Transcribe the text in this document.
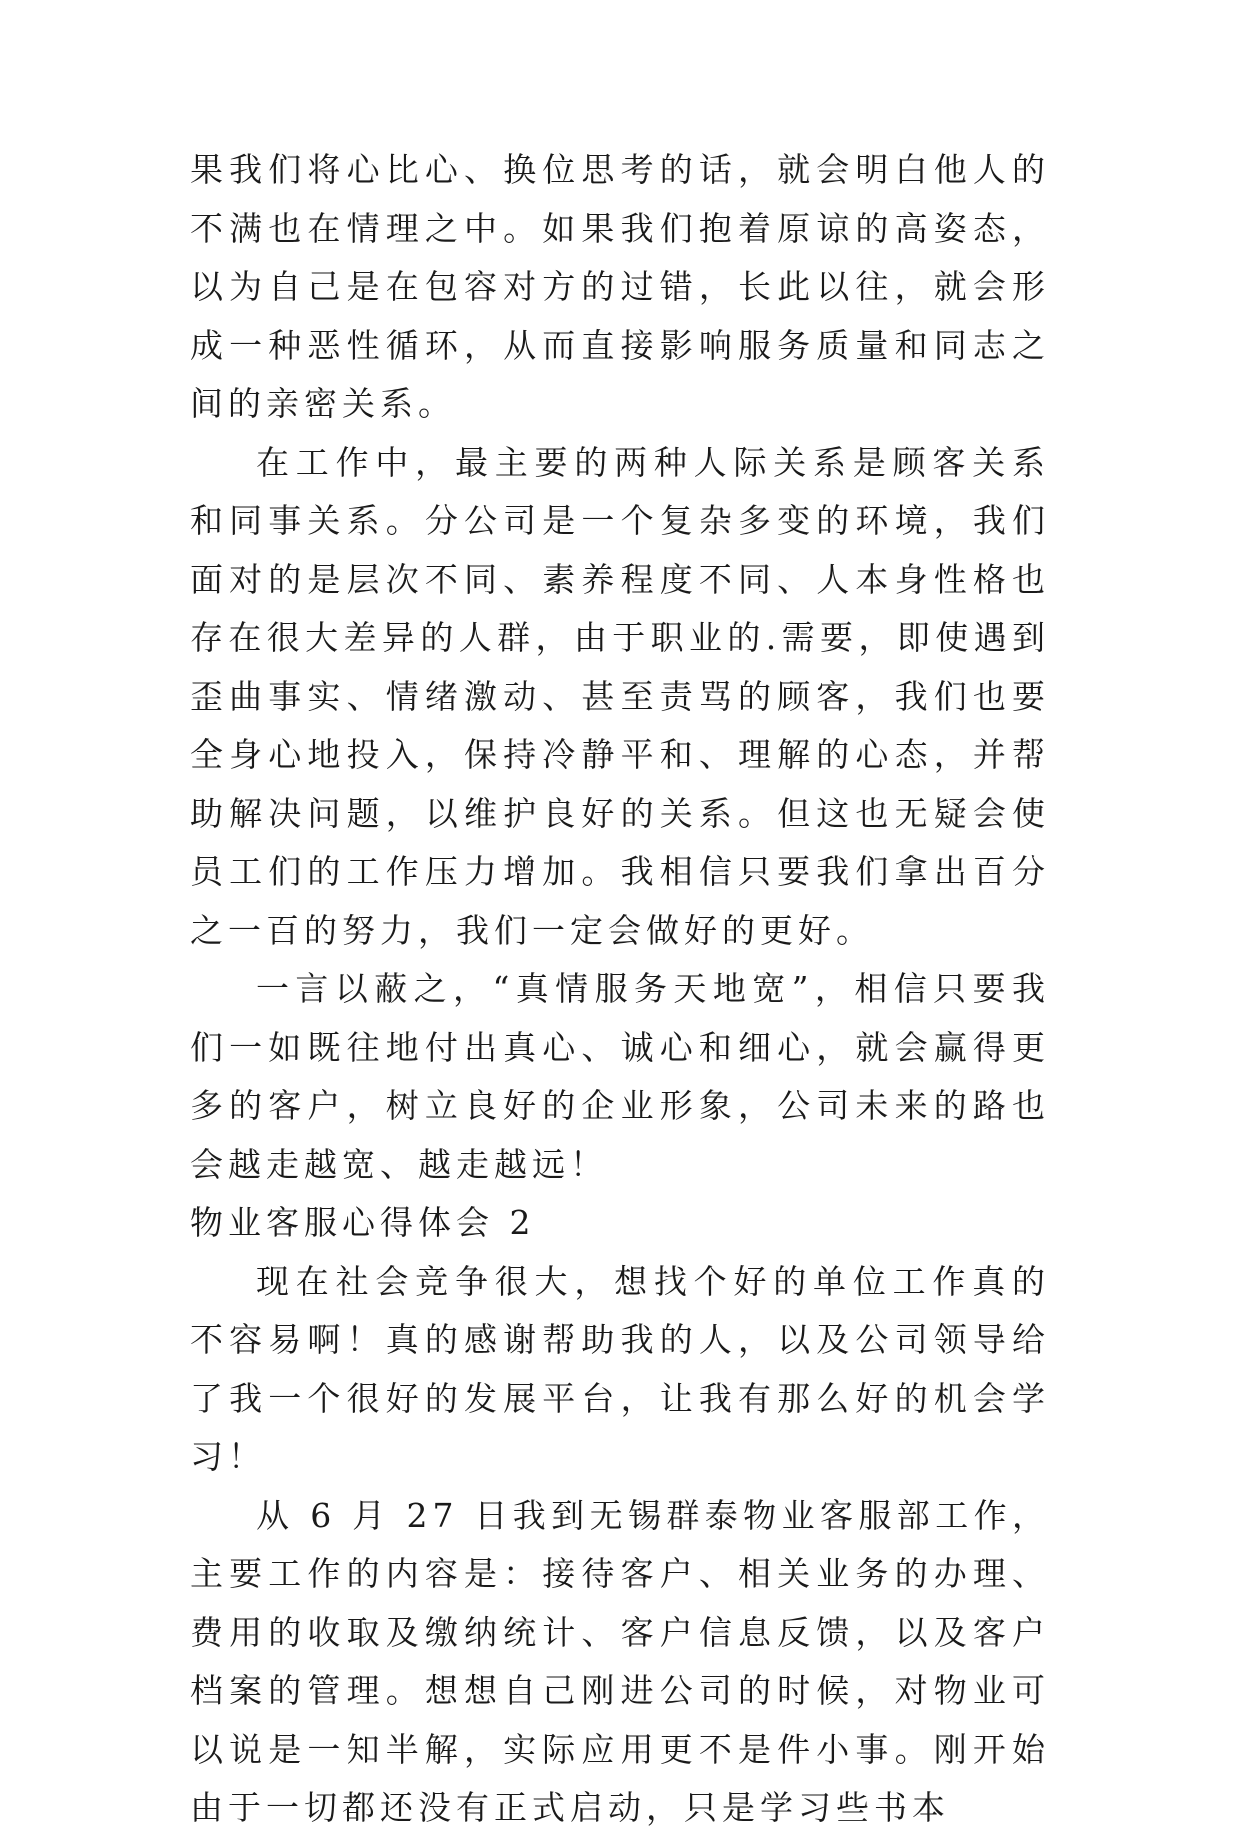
果我们将心比心、换位思考的话，就会明白他人的不满也在情理之中。如果我们抱着原谅的高姿态，以为自己是在包容对方的过错，长此以往，就会形成一种恶性循环，从而直接影响服务质量和同志之间的亲密关系。

在工作中，最主要的两种人际关系是顾客关系和同事关系。分公司是一个复杂多变的环境，我们面对的是层次不同、素养程度不同、人本身性格也存在很大差异的人群，由于职业的.需要，即使遇到歪曲事实、情绪激动、甚至责骂的顾客，我们也要全身心地投入，保持冷静平和、理解的心态，并帮助解决问题，以维护良好的关系。但这也无疑会使员工们的工作压力增加。我相信只要我们拿出百分之一百的努力，我们一定会做好的更好。

一言以蔽之，“真情服务天地宽”，相信只要我们一如既往地付出真心、诚心和细心，就会赢得更多的客户，树立良好的企业形象，公司未来的路也会越走越宽、越走越远！

物业客服心得体会 2

现在社会竞争很大，想找个好的单位工作真的不容易啊！真的感谢帮助我的人，以及公司领导给了我一个很好的发展平台，让我有那么好的机会学习！

从 6 月 27 日我到无锡群泰物业客服部工作，主要工作的内容是：接待客户、相关业务的办理、费用的收取及缴纳统计、客户信息反馈，以及客户档案的管理。想想自己刚进公司的时候，对物业可以说是一知半解，实际应用更不是件小事。刚开始由于一切都还没有正式启动，只是学习些书本
